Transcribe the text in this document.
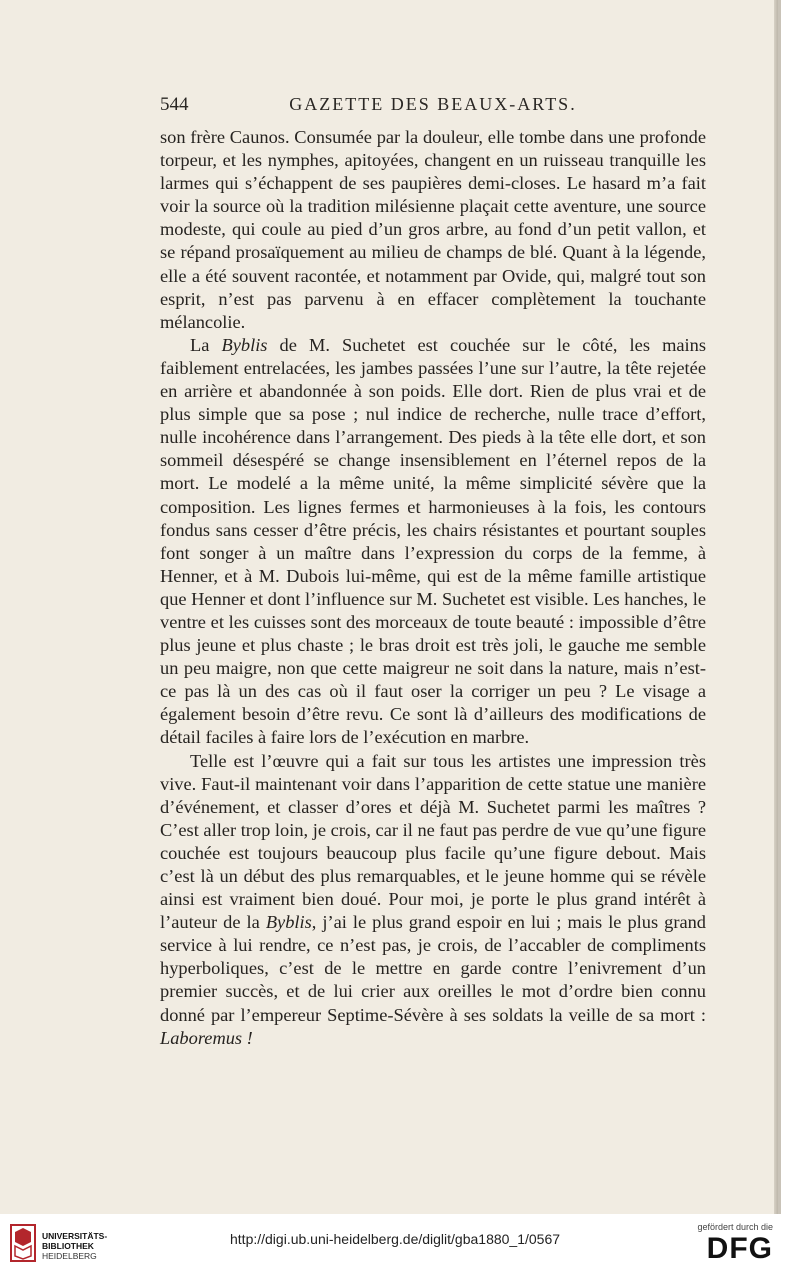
544	GAZETTE DES BEAUX-ARTS.

son frère Caunos. Consumée par la douleur, elle tombe dans une profonde torpeur, et les nymphes, apitoyées, changent en un ruisseau tranquille les larmes qui s’échappent de ses paupières demi-closes. Le hasard m’a fait voir la source où la tradition milésienne plaçait cette aventure, une source modeste, qui coule au pied d’un gros arbre, au fond d’un petit vallon, et se répand prosaïquement au milieu de champs de blé. Quant à la légende, elle a été souvent racontée, et notamment par Ovide, qui, malgré tout son esprit, n’est pas parvenu à en effacer complètement la touchante mélancolie.

La Byblis de M. Suchetet est couchée sur le côté, les mains faiblement entrelacées, les jambes passées l’une sur l’autre, la tête rejetée en arrière et abandonnée à son poids. Elle dort. Rien de plus vrai et de plus simple que sa pose ; nul indice de recherche, nulle trace d’effort, nulle incohérence dans l’arrangement. Des pieds à la tête elle dort, et son sommeil désespéré se change insensiblement en l’éternel repos de la mort. Le modelé a la même unité, la même simplicité sévère que la composition. Les lignes fermes et harmonieuses à la fois, les contours fondus sans cesser d’être précis, les chairs résistantes et pourtant souples font songer à un maître dans l’expression du corps de la femme, à Henner, et à M. Dubois lui-même, qui est de la même famille artistique que Henner et dont l’influence sur M. Suchetet est visible. Les hanches, le ventre et les cuisses sont des morceaux de toute beauté : impossible d’être plus jeune et plus chaste ; le bras droit est très joli, le gauche me semble un peu maigre, non que cette maigreur ne soit dans la nature, mais n’est-ce pas là un des cas où il faut oser la corriger un peu ? Le visage a également besoin d’être revu. Ce sont là d’ailleurs des modifications de détail faciles à faire lors de l’exécution en marbre.

Telle est l’œuvre qui a fait sur tous les artistes une impression très vive. Faut-il maintenant voir dans l’apparition de cette statue une manière d’événement, et classer d’ores et déjà M. Suchetet parmi les maîtres ? C’est aller trop loin, je crois, car il ne faut pas perdre de vue qu’une figure couchée est toujours beaucoup plus facile qu’une figure debout. Mais c’est là un début des plus remarquables, et le jeune homme qui se révèle ainsi est vraiment bien doué. Pour moi, je porte le plus grand intérêt à l’auteur de la Byblis, j’ai le plus grand espoir en lui ; mais le plus grand service à lui rendre, ce n’est pas, je crois, de l’accabler de compliments hyperboliques, c’est de le mettre en garde contre l’enivrement d’un premier succès, et de lui crier aux oreilles le mot d’ordre bien connu donné par l’empereur Septime-Sévère à ses soldats la veille de sa mort : Laboremus !

UNIVERSITÄTS-
BIBLIOTHEK
HEIDELBERG
http://digi.ub.uni-heidelberg.de/diglit/gba1880_1/0567
gefördert durch die
DFG
